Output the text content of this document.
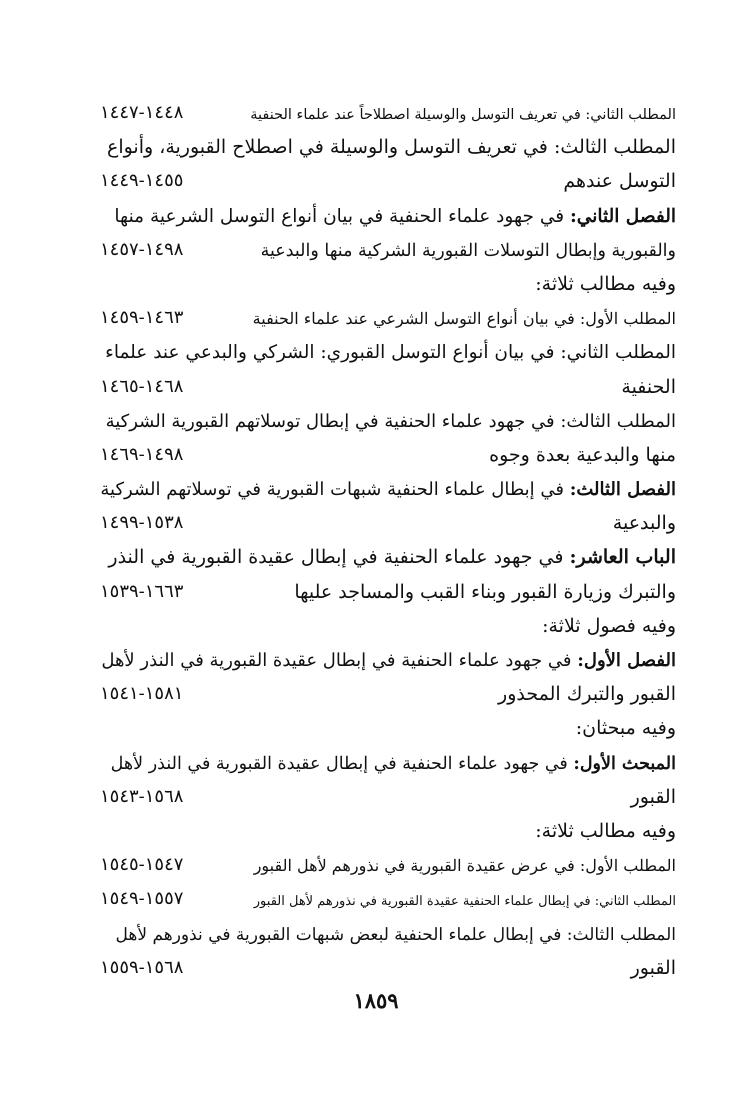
المطلب الثاني: في تعريف التوسل والوسيلة اصطلاحاً عند علماء الحنفية
١٤٤٨-١٤٤٧
المطلب الثالث: في تعريف التوسل والوسيلة في اصطلاح القبورية، وأنواع
التوسل عندهم
١٤٥٥-١٤٤٩
الفصل الثاني: في جهود علماء الحنفية في بيان أنواع التوسل الشرعية منها
والقبورية وإبطال التوسلات القبورية الشركية منها والبدعية
١٤٩٨-١٤٥٧
وفيه مطالب ثلاثة:
المطلب الأول: في بيان أنواع التوسل الشرعي عند علماء الحنفية
١٤٦٣-١٤٥٩
المطلب الثاني: في بيان أنواع التوسل القبوري: الشركي والبدعي عند علماء
الحنفية
١٤٦٨-١٤٦٥
المطلب الثالث: في جهود علماء الحنفية في إبطال توسلاتهم القبورية الشركية
منها والبدعية بعدة وجوه
١٤٩٨-١٤٦٩
الفصل الثالث: في إبطال علماء الحنفية شبهات القبورية في توسلاتهم الشركية
والبدعية
١٥٣٨-١٤٩٩
الباب العاشر: في جهود علماء الحنفية في إبطال عقيدة القبورية في النذر
والتبرك وزيارة القبور وبناء القبب والمساجد عليها
١٦٦٣-١٥٣٩
وفيه فصول ثلاثة:
الفصل الأول: في جهود علماء الحنفية في إبطال عقيدة القبورية في النذر لأهل
القبور والتبرك المحذور
١٥٨١-١٥٤١
وفيه مبحثان:
المبحث الأول: في جهود علماء الحنفية في إبطال عقيدة القبورية في النذر لأهل
القبور
١٥٦٨-١٥٤٣
وفيه مطالب ثلاثة:
المطلب الأول: في عرض عقيدة القبورية في نذورهم لأهل القبور
١٥٤٧-١٥٤٥
المطلب الثاني: في إبطال علماء الحنفية عقيدة القبورية في نذورهم لأهل القبور
١٥٥٧-١٥٤٩
المطلب الثالث: في إبطال علماء الحنفية لبعض شبهات القبورية في نذورهم لأهل
القبور
١٥٦٨-١٥٥٩
١٨٥٩
